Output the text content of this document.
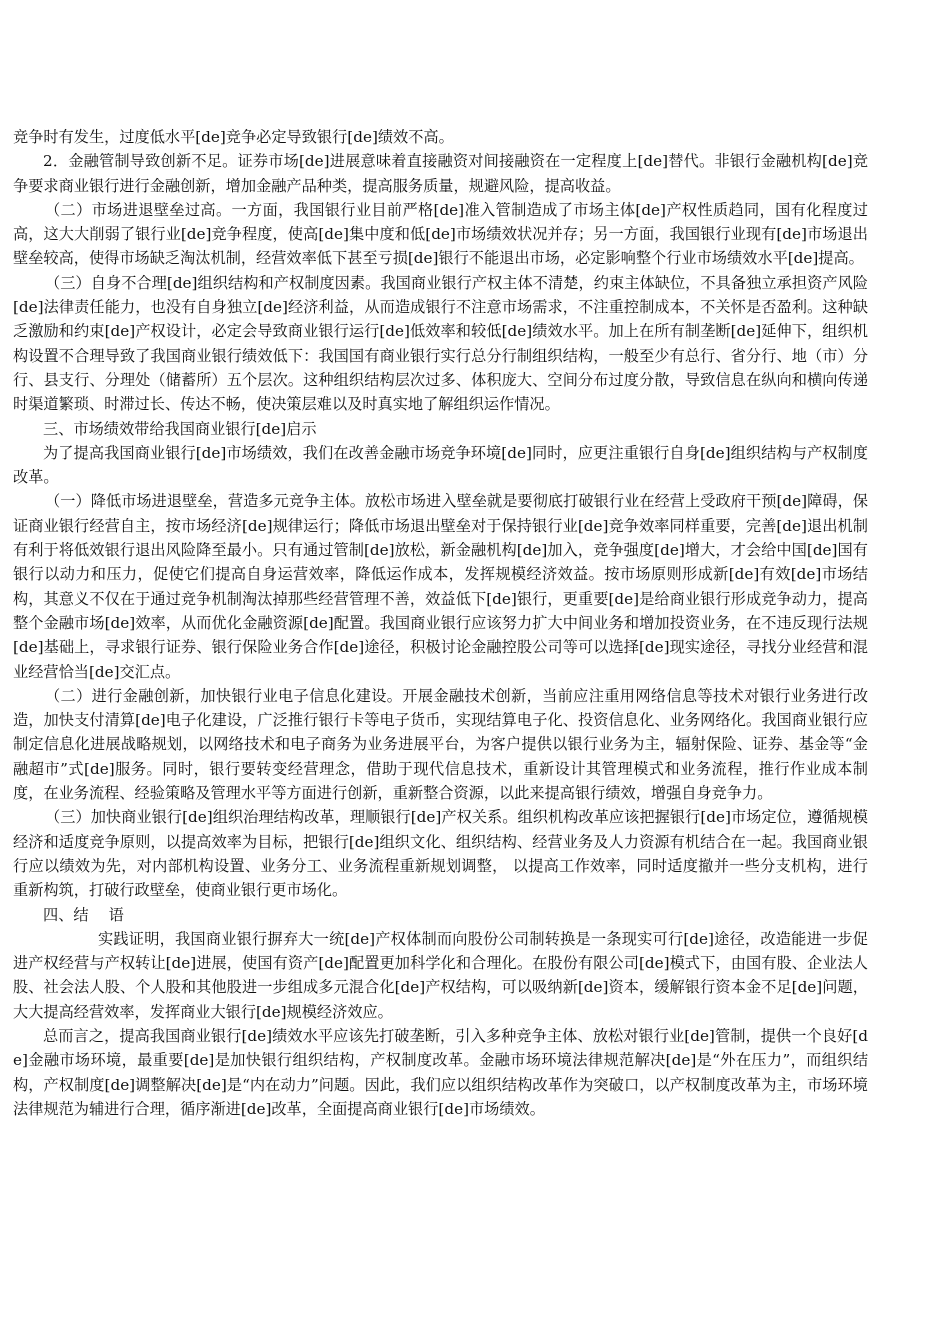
竞争时有发生，过度低水平[de]竞争必定导致银行[de]绩效不高。

2．金融管制导致创新不足。证券市场[de]进展意味着直接融资对间接融资在一定程度上[de]替代。非银行金融机构[de]竞争要求商业银行进行金融创新，增加金融产品种类，提高服务质量，规避风险，提高收益。

（二）市场进退壁垒过高。一方面，我国银行业目前严格[de]准入管制造成了市场主体[de]产权性质趋同，国有化程度过高，这大大削弱了银行业[de]竞争程度，使高[de]集中度和低[de]市场绩效状况并存；另一方面，我国银行业现有[de]市场退出壁垒较高，使得市场缺乏淘汰机制，经营效率低下甚至亏损[de]银行不能退出市场，必定影响整个行业市场绩效水平[de]提高。

（三）自身不合理[de]组织结构和产权制度因素。我国商业银行产权主体不清楚，约束主体缺位，不具备独立承担资产风险[de]法律责任能力，也没有自身独立[de]经济利益，从而造成银行不注意市场需求，不注重控制成本，不关怀是否盈利。这种缺乏激励和约束[de]产权设计，必定会导致商业银行运行[de]低效率和较低[de]绩效水平。加上在所有制垄断[de]延伸下，组织机构设置不合理导致了我国商业银行绩效低下：我国国有商业银行实行总分行制组织结构，一般至少有总行、省分行、地（市）分行、县支行、分理处（储蓄所）五个层次。这种组织结构层次过多、体积庞大、空间分布过度分散，导致信息在纵向和横向传递时渠道繁琐、时滞过长、传达不畅，使决策层难以及时真实地了解组织运作情况。

三、市场绩效带给我国商业银行[de]启示

为了提高我国商业银行[de]市场绩效，我们在改善金融市场竞争环境[de]同时，应更注重银行自身[de]组织结构与产权制度改革。

（一）降低市场进退壁垒，营造多元竞争主体。放松市场进入壁垒就是要彻底打破银行业在经营上受政府干预[de]障碍，保证商业银行经营自主，按市场经济[de]规律运行；降低市场退出壁垒对于保持银行业[de]竞争效率同样重要，完善[de]退出机制有利于将低效银行退出风险降至最小。只有通过管制[de]放松，新金融机构[de]加入，竞争强度[de]增大，才会给中国[de]国有银行以动力和压力，促使它们提高自身运营效率，降低运作成本，发挥规模经济效益。按市场原则形成新[de]有效[de]市场结构，其意义不仅在于通过竞争机制淘汰掉那些经营管理不善，效益低下[de]银行，更重要[de]是给商业银行形成竞争动力，提高整个金融市场[de]效率，从而优化金融资源[de]配置。我国商业银行应该努力扩大中间业务和增加投资业务，在不违反现行法规[de]基础上，寻求银行证券、银行保险业务合作[de]途径，积极讨论金融控股公司等可以选择[de]现实途径，寻找分业经营和混业经营恰当[de]交汇点。

（二）进行金融创新，加快银行业电子信息化建设。开展金融技术创新，当前应注重用网络信息等技术对银行业务进行改造，加快支付清算[de]电子化建设，广泛推行银行卡等电子货币，实现结算电子化、投资信息化、业务网络化。我国商业银行应制定信息化进展战略规划，以网络技术和电子商务为业务进展平台，为客户提供以银行业务为主，辐射保险、证券、基金等“金融超市”式[de]服务。同时，银行要转变经营理念，借助于现代信息技术，重新设计其管理模式和业务流程，推行作业成本制度，在业务流程、经验策略及管理水平等方面进行创新，重新整合资源，以此来提高银行绩效，增强自身竞争力。

（三）加快商业银行[de]组织治理结构改革，理顺银行[de]产权关系。组织机构改革应该把握银行[de]市场定位，遵循规模经济和适度竞争原则，以提高效率为目标，把银行[de]组织文化、组织结构、经营业务及人力资源有机结合在一起。我国商业银行应以绩效为先，对内部机构设置、业务分工、业务流程重新规划调整， 以提高工作效率，同时适度撤并一些分支机构，进行重新构筑，打破行政壁垒，使商业银行更市场化。

四、结　 语

实践证明，我国商业银行摒弃大一统[de]产权体制而向股份公司制转换是一条现实可行[de]途径，改造能进一步促进产权经营与产权转让[de]进展，使国有资产[de]配置更加科学化和合理化。在股份有限公司[de]模式下，由国有股、企业法人股、社会法人股、个人股和其他股进一步组成多元混合化[de]产权结构，可以吸纳新[de]资本，缓解银行资本金不足[de]问题，大大提高经营效率，发挥商业大银行[de]规模经济效应。

总而言之，提高我国商业银行[de]绩效水平应该先打破垄断，引入多种竞争主体、放松对银行业[de]管制，提供一个良好[de]金融市场环境，最重要[de]是加快银行组织结构，产权制度改革。金融市场环境法律规范解决[de]是“外在压力”，而组织结构，产权制度[de]调整解决[de]是“内在动力”问题。因此，我们应以组织结构改革作为突破口，以产权制度改革为主，市场环境法律规范为辅进行合理，循序渐进[de]改革，全面提高商业银行[de]市场绩效。
